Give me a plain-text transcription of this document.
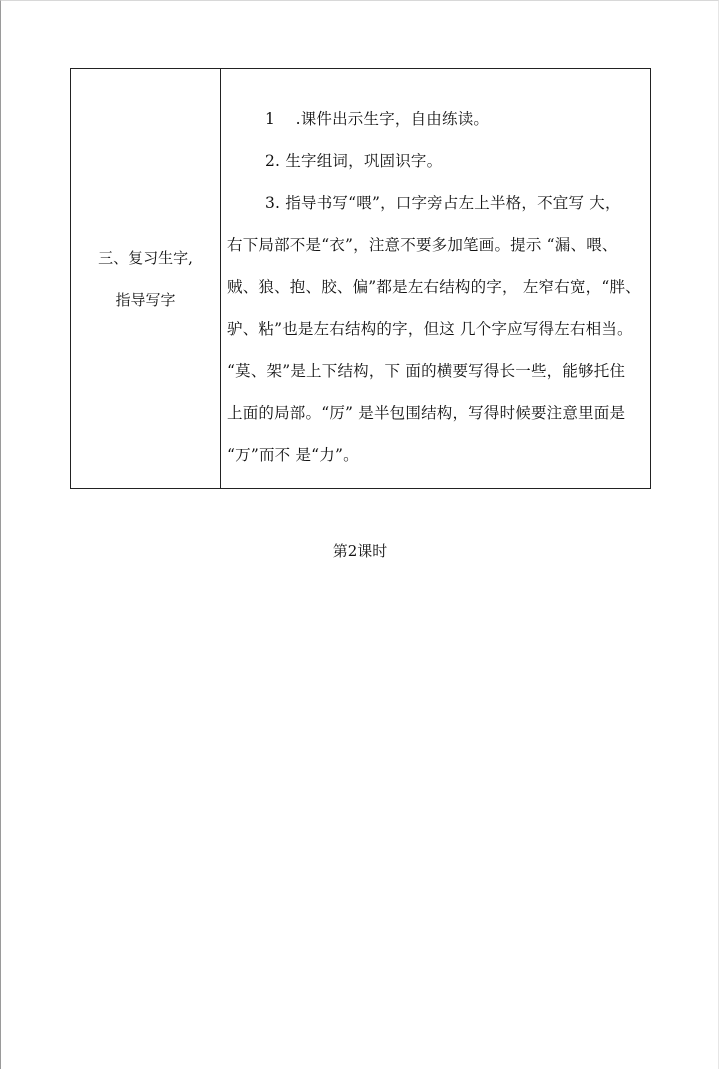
三、复习生字,
指导写字
1    .课件出示生字，自由练读。
2. 生字组词，巩固识字。
3. 指导书写“喂”，口字旁占左上半格，不宜写 大，
右下局部不是“衣”，注意不要多加笔画。提示 “漏、喂、
贼、狼、抱、胶、偏”都是左右结构的字， 左窄右宽，“胖、
驴、粘”也是左右结构的字，但这 几个字应写得左右相当。
“莫、架”是上下结构，下 面的横要写得长一些，能够托住
上面的局部。“厉” 是半包围结构，写得时候要注意里面是
“万”而不 是“力”。
第2课时
